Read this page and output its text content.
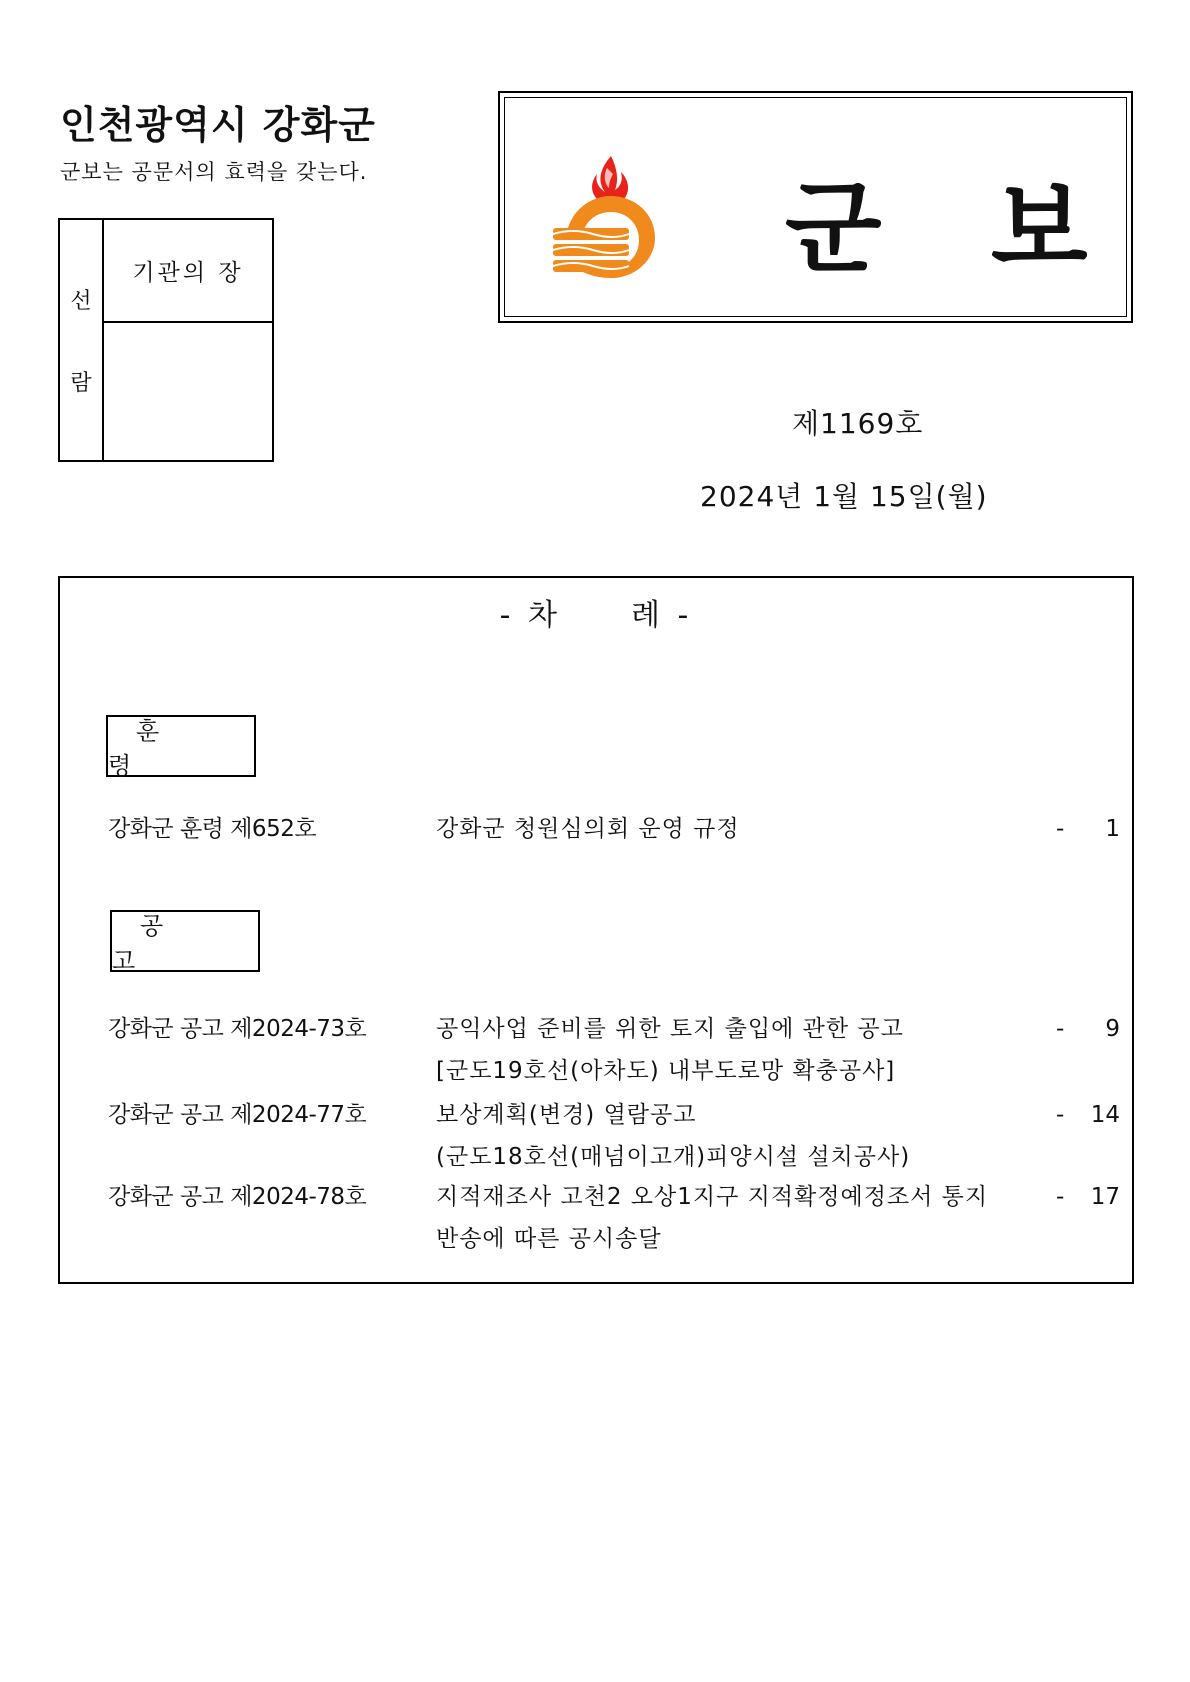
인천광역시 강화군
군보는 공문서의 효력을 갖는다.
선
람
기관의 장	군 보
제1169호
2024년 1월 15일(월)
- 차 례 -
훈 령
강화군 훈령 제652호	강화군 청원심의회 운영 규정	- 1
공 고
강화군 공고 제2024-73호	공익사업 준비를 위한 토지 출입에 관한 공고
[군도19호선(아차도) 내부도로망 확충공사]
- 9
강화군 공고 제2024-77호	보상계획(변경) 열람공고
(군도18호선(매넘이고개)피양시설 설치공사)
- 14
강화군 공고 제2024-78호	지적재조사 고천2 오상1지구 지적확정예정조서 통지
반송에 따른 공시송달
- 17
